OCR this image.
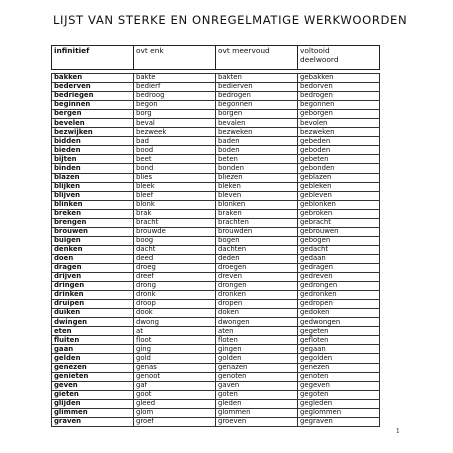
LIJST VAN STERKE EN ONREGELMATIGE WERKWOORDEN
infinitief	ovt enk	ovt meervoud	voltooid
deelwoord
bakken	bakte	bakten	gebakken
bederven	bedierf	bedierven	bedorven
bedriegen	bedroog	bedrogen	bedrogen
beginnen	begon	begonnen	begonnen
bergen	borg	borgen	geborgen
bevelen	beval	bevalen	bevolen
bezwijken	bezweek	bezweken	bezweken
bidden	bad	baden	gebeden
bieden	bood	boden	geboden
bijten	beet	beten	gebeten
binden	bond	bonden	gebonden
blazen	blies	bliezen	geblazen
blijken	bleek	bleken	gebleken
blijven	bleef	bleven	gebleven
blinken	blonk	blonken	geblonken
breken	brak	braken	gebroken
brengen	bracht	brachten	gebracht
brouwen	brouwde	brouwden	gebrouwen
buigen	boog	bogen	gebogen
denken	dacht	dachten	gedacht
doen	deed	deden	gedaan
dragen	droeg	droegen	gedragen
drijven	dreef	dreven	gedreven
dringen	drong	drongen	gedrongen
drinken	dronk	dronken	gedronken
druipen	droop	dropen	gedropen
duiken	dook	doken	gedoken
dwingen	dwong	dwongen	gedwongen
eten	at	aten	gegeten
fluiten	floot	floten	gefloten
gaan	ging	gingen	gegaan
gelden	gold	golden	gegolden
genezen	genas	genazen	genezen
genieten	genoot	genoten	genoten
geven	gaf	gaven	gegeven
gieten	goot	goten	gegoten
glijden	gleed	gleden	gegleden
glimmen	glom	glommen	geglommen
graven	groef	groeven	gegraven
1
